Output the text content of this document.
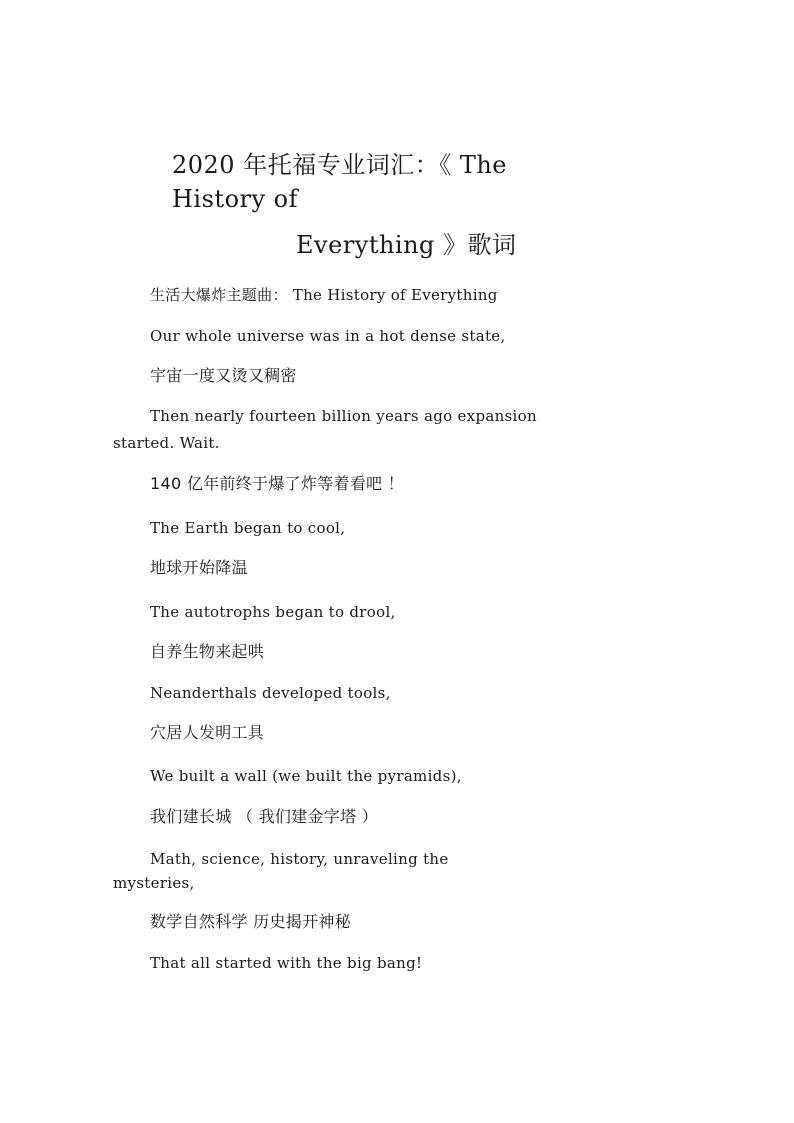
2020 年托福专业词汇：《 The History of
Everything 》歌词
生活大爆炸主题曲： The History of Everything
Our whole universe was in a hot dense state,
宇宙一度又烫又稠密
Then nearly fourteen billion years ago expansion
started. Wait.
140 亿年前终于爆了炸等着看吧 ！
The Earth began to cool,
地球开始降温
The autotrophs began to drool,
自养生物来起哄
Neanderthals developed tools,
穴居人发明工具
We built a wall (we built the pyramids),
我们建长城 （ 我们建金字塔 ）
Math, science, history, unraveling the
mysteries,
数学自然科学 历史揭开神秘
That all started with the big bang!
